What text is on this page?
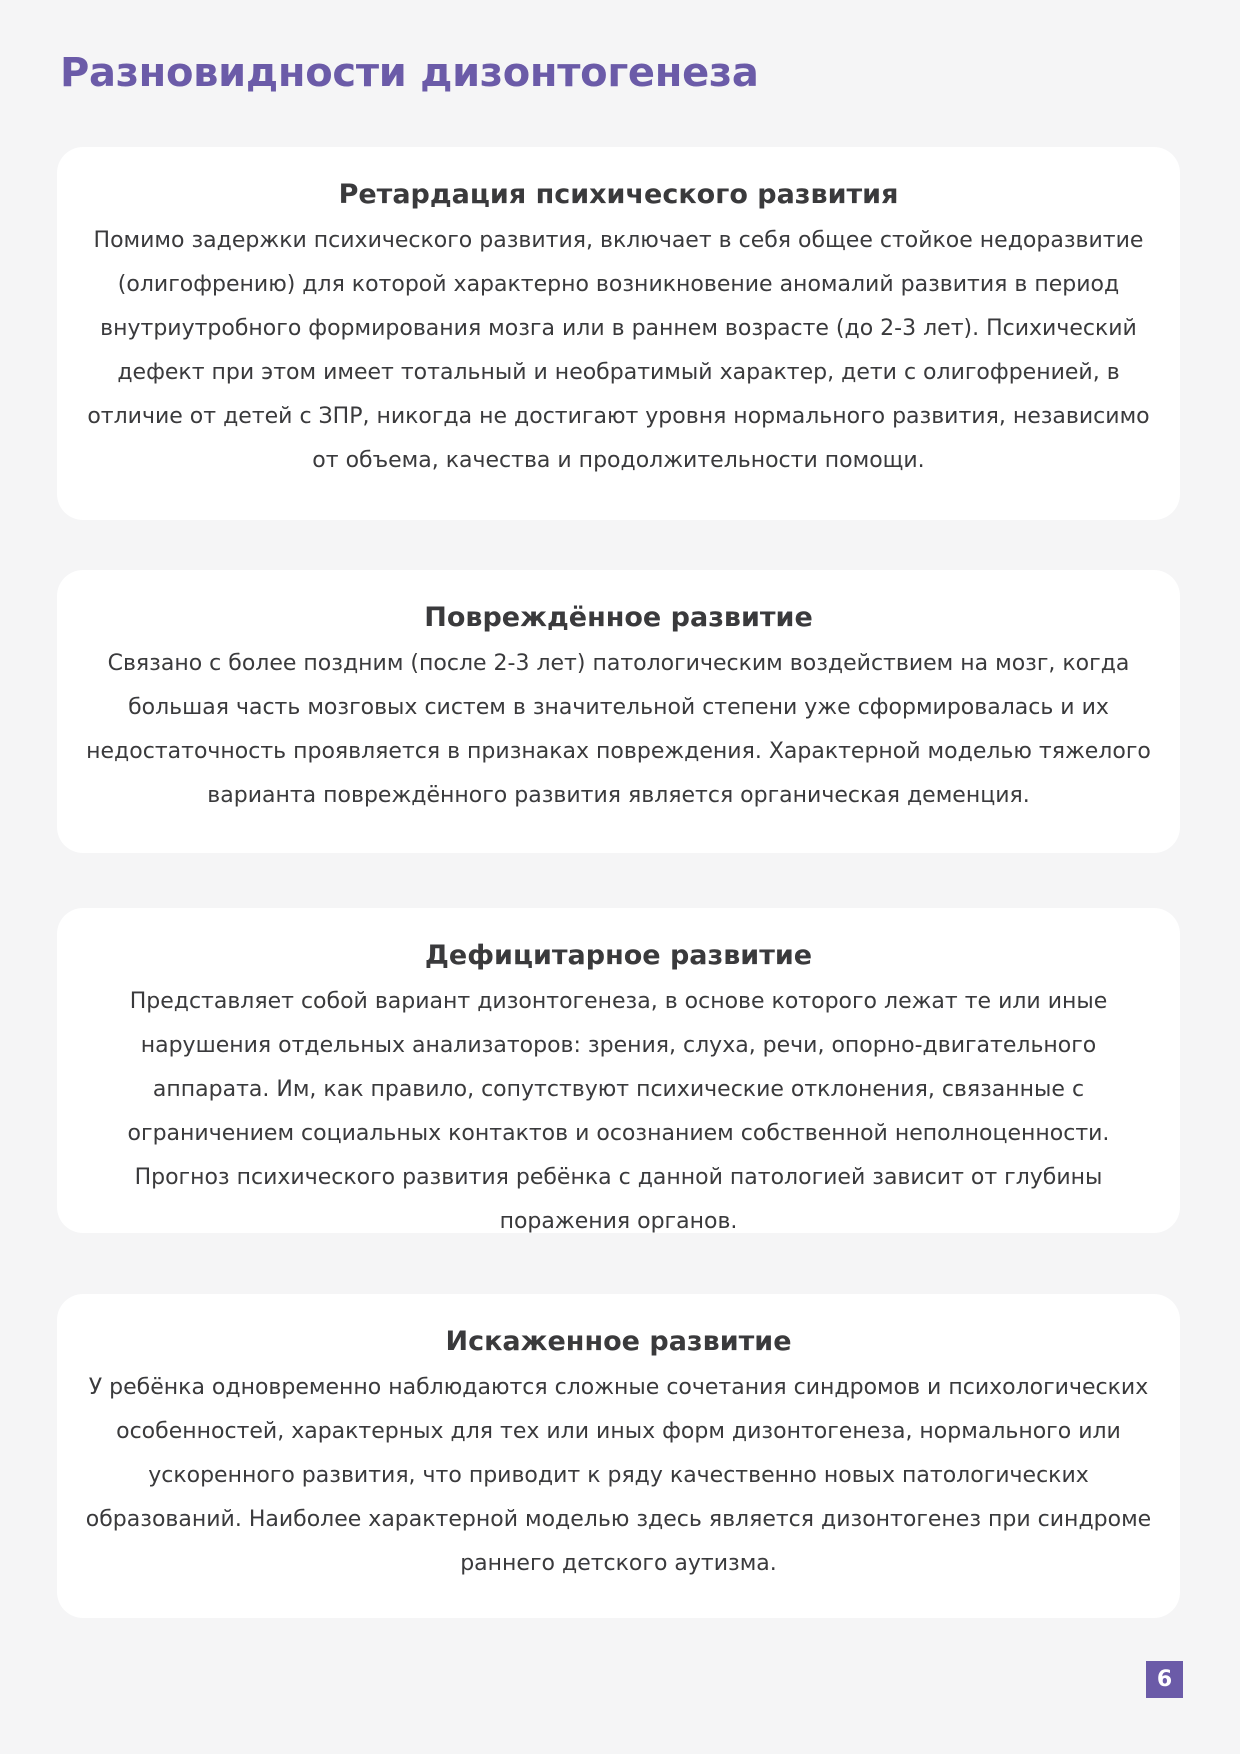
Разновидности дизонтогенеза
Ретардация психического развития

Помимо задержки психического развития, включает в себя общее стойкое недоразвитие (олигофрению) для которой характерно возникновение аномалий развития в период внутриутробного формирования мозга или в раннем возрасте (до 2-3 лет). Психический дефект при этом имеет тотальный и необратимый характер, дети с олигофренией, в отличие от детей с ЗПР, никогда не достигают уровня нормального развития, независимо от объема, качества и продолжительности помощи.

Повреждённое развитие

Связано с более поздним (после 2-3 лет) патологическим воздействием на мозг, когда большая часть мозговых систем в значительной степени уже сформировалась и их недостаточность проявляется в признаках повреждения. Характерной моделью тяжелого варианта повреждённого развития является органическая деменция.

Дефицитарное развитие

Представляет собой вариант дизонтогенеза, в основе которого лежат те или иные нарушения отдельных анализаторов: зрения, слуха, речи, опорно-двигательного аппарата. Им, как правило, сопутствуют психические отклонения, связанные с ограничением социальных контактов и осознанием собственной неполноценности. Прогноз психического развития ребёнка с данной патологией зависит от глубины поражения органов.

Искаженное развитие

У ребёнка одновременно наблюдаются сложные сочетания синдромов и психологических особенностей, характерных для тех или иных форм дизонтогенеза, нормального или ускоренного развития, что приводит к ряду качественно новых патологических образований. Наиболее характерной моделью здесь является дизонтогенез при синдроме раннего детского аутизма.

6
